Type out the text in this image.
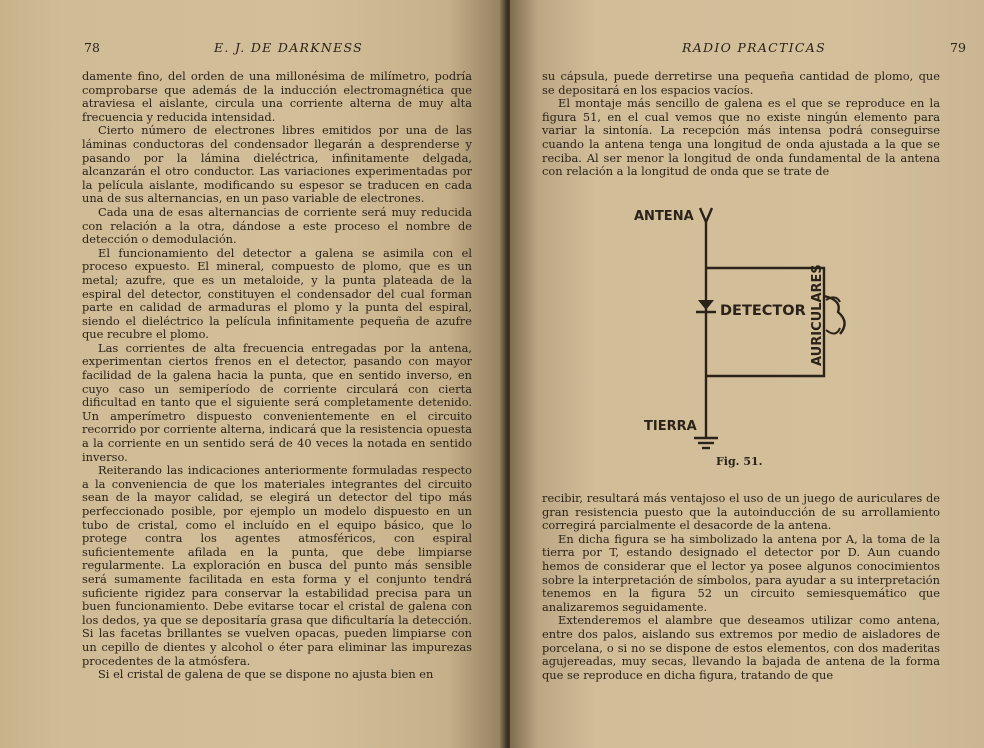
78	E. J. DE DARKNESS

damente fino, del orden de una millonésima de milímetro, podría comprobarse que además de la inducción electromagnética que atraviesa el aislante, circula una corriente alterna de muy alta frecuencia y reducida intensidad.

Cierto número de electrones libres emitidos por una de las láminas conductoras del condensador llegarán a desprenderse y pasando por la lámina dieléctrica, infinitamente delgada, alcanzarán el otro conductor. Las variaciones experimentadas por la película aislante, modificando su espesor se traducen en cada una de sus alternancias, en un paso variable de electrones.

Cada una de esas alternancias de corriente será muy reducida con relación a la otra, dándose a este proceso el nombre de detección o demodulación.

El funcionamiento del detector a galena se asimila con el proceso expuesto. El mineral, compuesto de plomo, que es un metal; azufre, que es un metaloide, y la punta plateada de la espiral del detector, constituyen el condensador del cual forman parte en calidad de armaduras el plomo y la punta del espiral, siendo el dieléctrico la película infinitamente pequeña de azufre que recubre el plomo.

Las corrientes de alta frecuencia entregadas por la antena, experimentan ciertos frenos en el detector, pasando con mayor facilidad de la galena hacia la punta, que en sentido inverso, en cuyo caso un semiperíodo de corriente circulará con cierta dificultad en tanto que el siguiente será completamente detenido. Un amperímetro dispuesto convenientemente en el circuito recorrido por corriente alterna, indicará que la resistencia opuesta a la corriente en un sentido será de 40 veces la notada en sentido inverso.

Reiterando las indicaciones anteriormente formuladas respecto a la conveniencia de que los materiales integrantes del circuito sean de la mayor calidad, se elegirá un detector del tipo más perfeccionado posible, por ejemplo un modelo dispuesto en un tubo de cristal, como el incluído en el equipo básico, que lo protege contra los agentes atmosféricos, con espiral suficientemente afilada en la punta, que debe limpiarse regularmente. La exploración en busca del punto más sensible será sumamente facilitada en esta forma y el conjunto tendrá suficiente rigidez para conservar la estabilidad precisa para un buen funcionamiento. Debe evitarse tocar el cristal de galena con los dedos, ya que se depositaría grasa que dificultaría la detección. Si las facetas brillantes se vuelven opacas, pueden limpiarse con un cepillo de dientes y alcohol o éter para eliminar las impurezas procedentes de la atmósfera.

Si el cristal de galena de que se dispone no ajusta bien en

RADIO PRACTICAS	79

su cápsula, puede derretirse una pequeña cantidad de plomo, que se depositará en los espacios vacíos.

El montaje más sencillo de galena es el que se reproduce en la figura 51, en el cual vemos que no existe ningún elemento para variar la sintonía. La recepción más intensa podrá conseguirse cuando la antena tenga una longitud de onda ajustada a la que se reciba. Al ser menor la longitud de onda fundamental de la antena con relación a la longitud de onda que se trate de

ANTENA
DETECTOR AURICULARES
TIERRA
Fig. 51.

recibir, resultará más ventajoso el uso de un juego de auriculares de gran resistencia puesto que la autoinducción de su arrollamiento corregirá parcialmente el desacorde de la antena.

En dicha figura se ha simbolizado la antena por A, la toma de la tierra por T, estando designado el detector por D. Aun cuando hemos de considerar que el lector ya posee algunos conocimientos sobre la interpretación de símbolos, para ayudar a su interpretación tenemos en la figura 52 un circuito semiesquemático que analizaremos seguidamente.

Extenderemos el alambre que deseamos utilizar como antena, entre dos palos, aislando sus extremos por medio de aisladores de porcelana, o si no se dispone de estos elementos, con dos maderitas agujereadas, muy secas, llevando la bajada de antena de la forma que se reproduce en dicha figura, tratando de que
